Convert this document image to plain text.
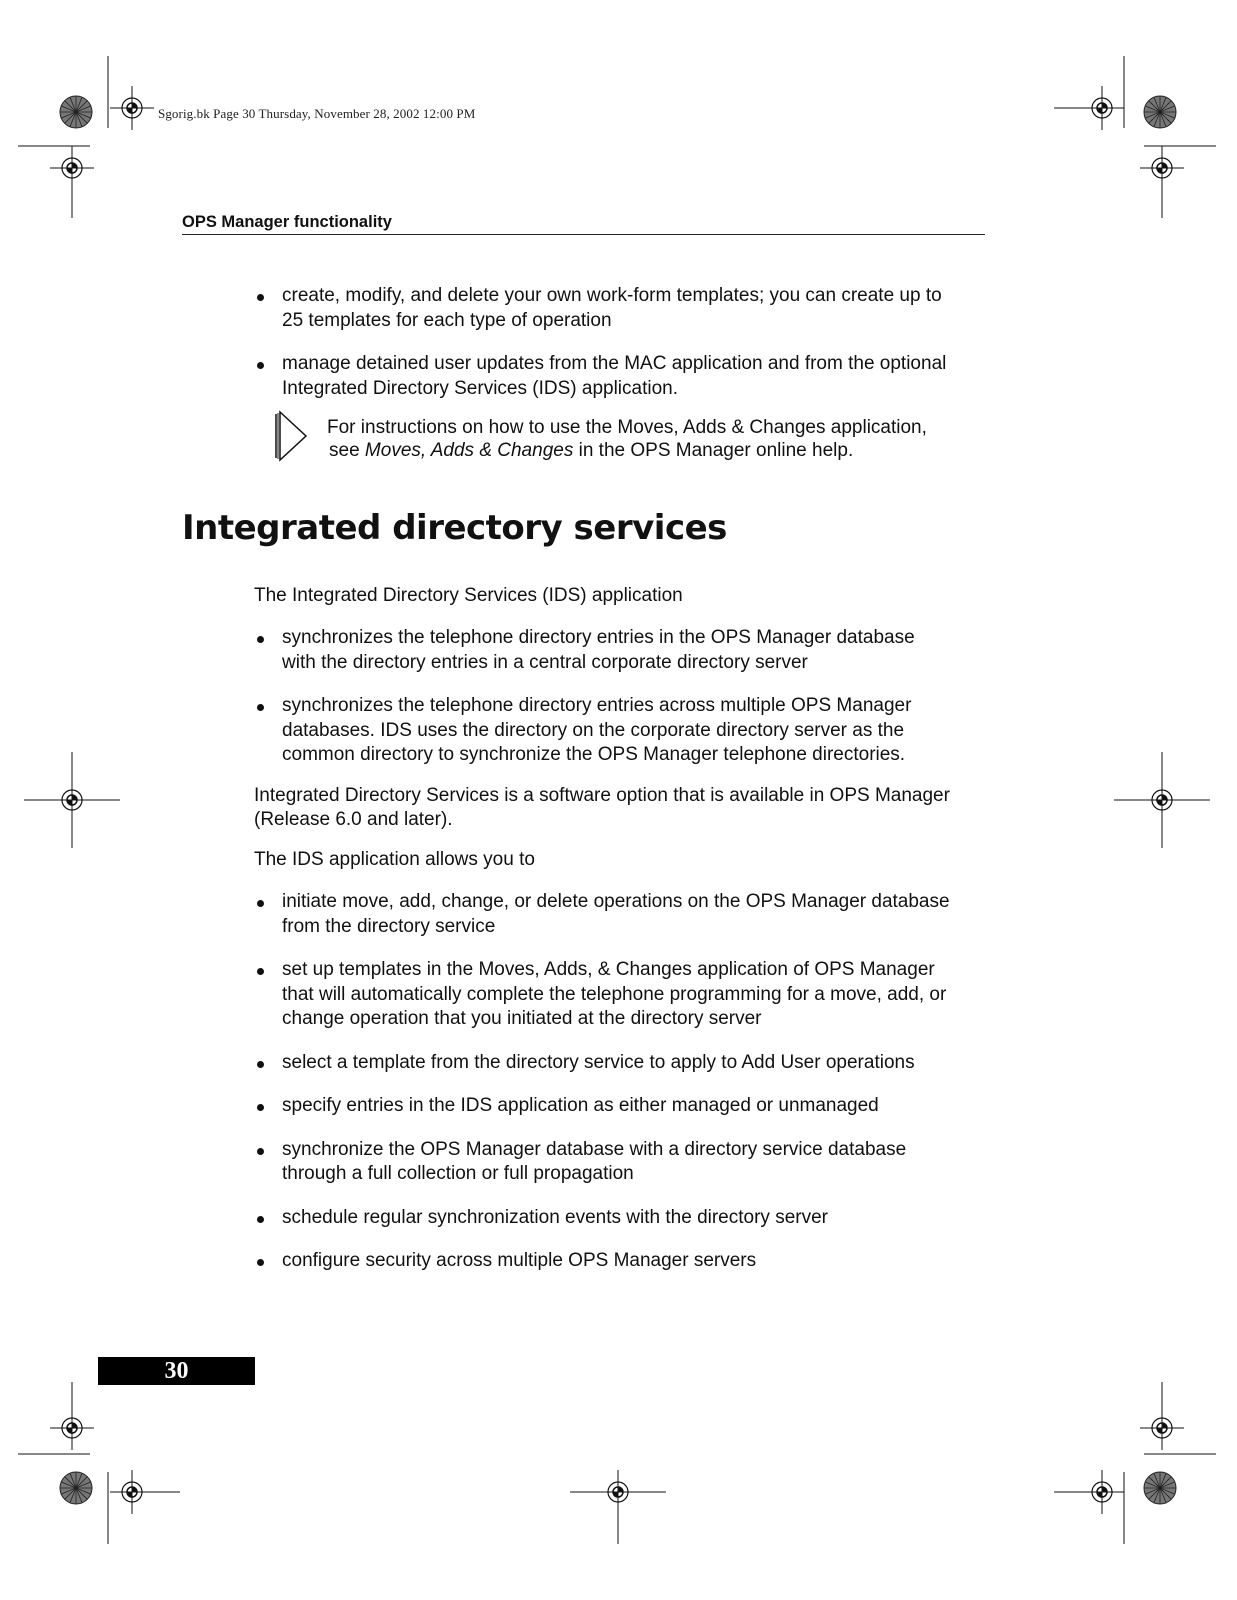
Sgorig.bk Page 30 Thursday, November 28, 2002 12:00 PM
OPS Manager functionality
create, modify, and delete your own work-form templates; you can create up to
25 templates for each type of operation
manage detained user updates from the MAC application and from the optional
Integrated Directory Services (IDS) application.
For instructions on how to use the Moves, Adds & Changes application,
see Moves, Adds & Changes in the OPS Manager online help.
Integrated directory services
The Integrated Directory Services (IDS) application
synchronizes the telephone directory entries in the OPS Manager database
with the directory entries in a central corporate directory server
synchronizes the telephone directory entries across multiple OPS Manager
databases. IDS uses the directory on the corporate directory server as the
common directory to synchronize the OPS Manager telephone directories.
Integrated Directory Services is a software option that is available in OPS Manager
(Release 6.0 and later).
The IDS application allows you to
initiate move, add, change, or delete operations on the OPS Manager database
from the directory service
set up templates in the Moves, Adds, & Changes application of OPS Manager
that will automatically complete the telephone programming for a move, add, or
change operation that you initiated at the directory server
select a template from the directory service to apply to Add User operations
specify entries in the IDS application as either managed or unmanaged
synchronize the OPS Manager database with a directory service database
through a full collection or full propagation
schedule regular synchronization events with the directory server
configure security across multiple OPS Manager servers
30
